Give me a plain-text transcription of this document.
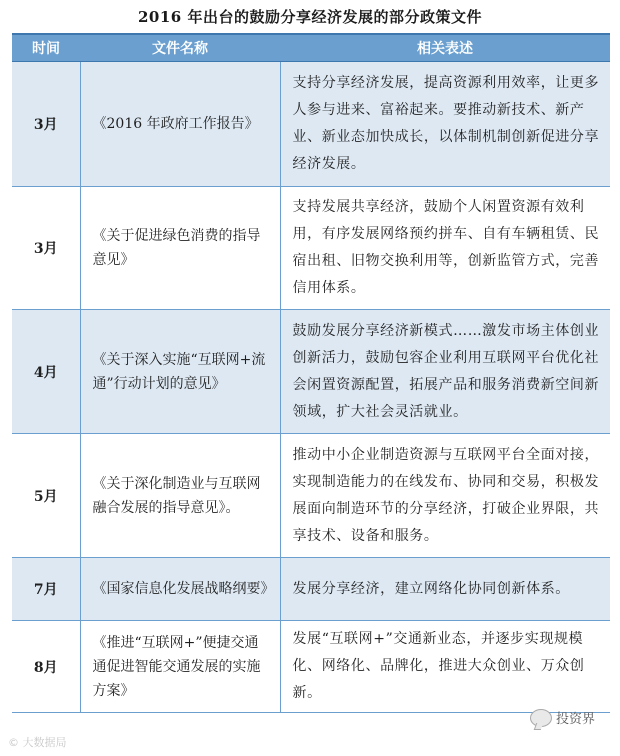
2016 年出台的鼓励分享经济发展的部分政策文件
时间	文件名称	相关表述
3月	《2016 年政府工作报告》	支持分享经济发展，提高资源利用效率，让更多人参与进来、富裕起来。要推动新技术、新产业、新业态加快成长，以体制机制创新促进分享经济发展。
3月	《关于促进绿色消费的指导意见》	支持发展共享经济，鼓励个人闲置资源有效利用，有序发展网络预约拼车、自有车辆租赁、民宿出租、旧物交换利用等，创新监管方式，完善信用体系。
4月	《关于深入实施“互联网+流通”行动计划的意见》	鼓励发展分享经济新模式……激发市场主体创业创新活力，鼓励包容企业利用互联网平台优化社会闲置资源配置，拓展产品和服务消费新空间新领域，扩大社会灵活就业。
5月	《关于深化制造业与互联网融合发展的指导意见》。	推动中小企业制造资源与互联网平台全面对接，实现制造能力的在线发布、协同和交易，积极发展面向制造环节的分享经济，打破企业界限，共享技术、设备和服务。
7月	《国家信息化发展战略纲要》	发展分享经济，建立网络化协同创新体系。
8月	《推进“互联网+”便捷交通通促进智能交通发展的实施方案》	发展“互联网+”交通新业态，并逐步实现规模化、网络化、品牌化，推进大众创业、万众创新。
© 大数据局
投资界
